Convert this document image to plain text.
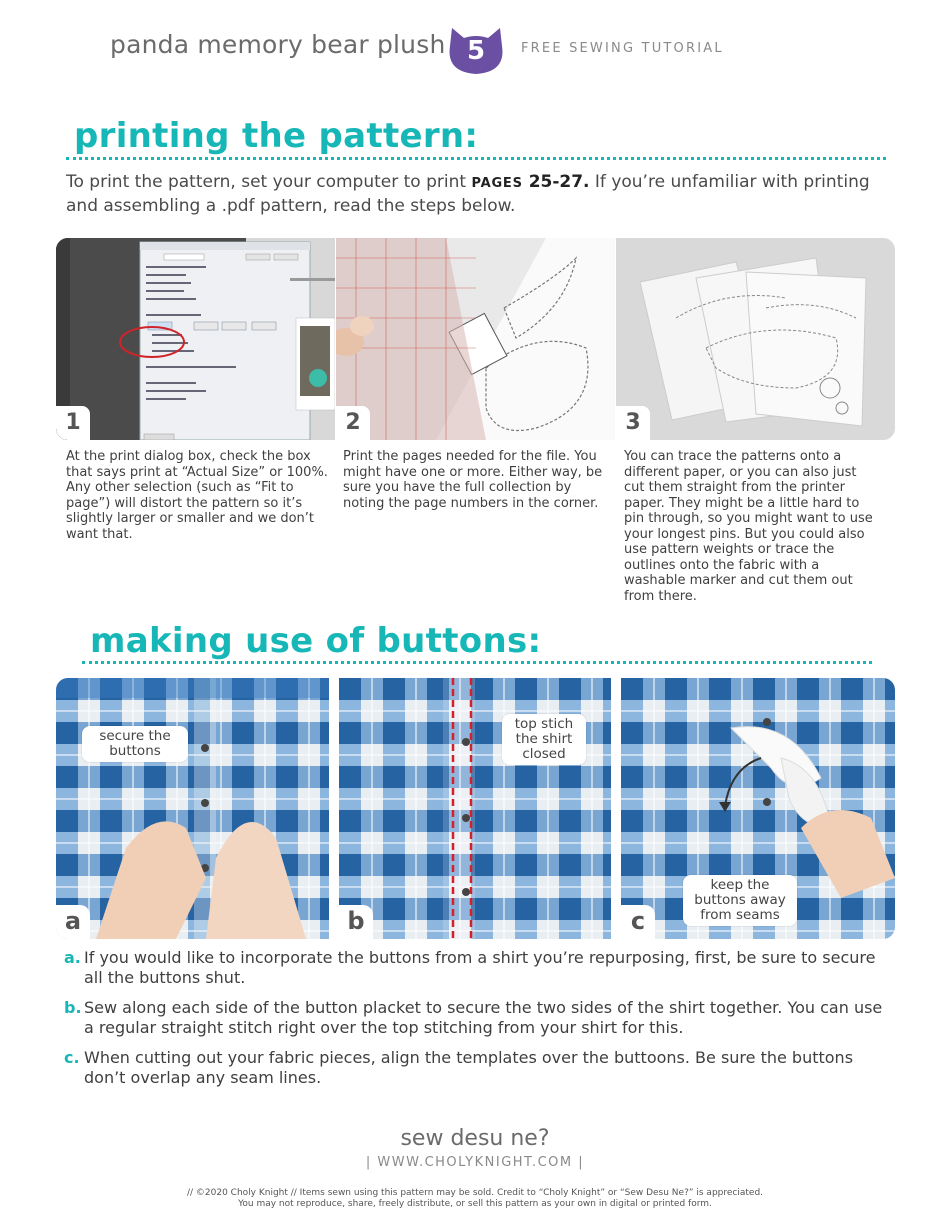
panda memory bear plush 5	FREE SEWING TUTORIAL
printing the pattern:
To print the pattern, set your computer to print PAGES 25-27. If you’re unfamiliar with printing and assembling a .pdf pattern, read the steps below.
1	2	3
At the print dialog box, check the box that says print at “Actual Size” or 100%. Any other selection (such as “Fit to page”) will distort the pattern so it’s slightly larger or smaller and we don’t want that.
Print the pages needed for the file. You might have one or more. Either way, be sure you have the full collection by noting the page numbers in the corner.
You can trace the patterns onto a different paper, or you can also just cut them straight from the printer paper. They might be a little hard to pin through, so you might want to use your longest pins. But you could also use pattern weights or trace the outlines onto the fabric with a washable marker and cut them out from there.
making use of buttons:
secure the buttons
top stich the shirt closed
keep the buttons away from seams
a	b	c
a. If you would like to incorporate the buttons from a shirt you’re repurposing, first, be sure to secure all the buttons shut.
b. Sew along each side of the button placket to secure the two sides of the shirt together. You can use a regular straight stitch right over the top stitching from your shirt for this.
c. When cutting out your fabric pieces, align the templates over the buttoons. Be sure the buttons don’t overlap any seam lines.
sew desu ne?
| WWW.CHOLYKNIGHT.COM |
// ©2020 Choly Knight // Items sewn using this pattern may be sold. Credit to “Choly Knight” or “Sew Desu Ne?” is appreciated.
You may not reproduce, share, freely distribute, or sell this pattern as your own in digital or printed form.
